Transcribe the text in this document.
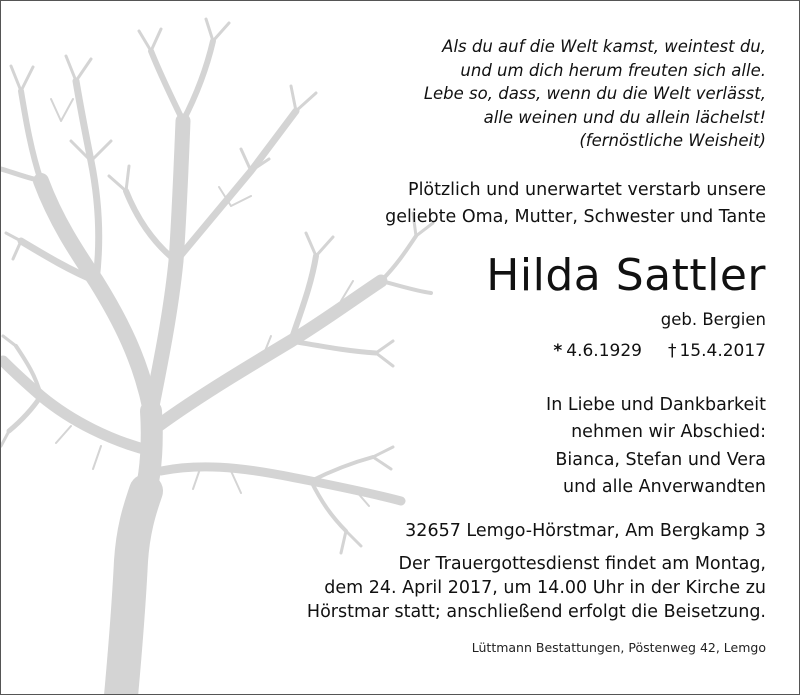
Als du auf die Welt kamst, weintest du,
und um dich herum freuten sich alle.
Lebe so, dass, wenn du die Welt verlässt,
alle weinen und du allein lächelst!
(fernöstliche Weisheit)
Plötzlich und unerwartet verstarb unsere
geliebte Oma, Mutter, Schwester und Tante
Hilda Sattler
geb. Bergien
* 4.6.1929 † 15.4.2017
In Liebe und Dankbarkeit
nehmen wir Abschied:
Bianca, Stefan und Vera
und alle Anverwandten
32657 Lemgo-Hörstmar, Am Bergkamp 3
Der Trauergottesdienst findet am Montag,
dem 24. April 2017, um 14.00 Uhr in der Kirche zu
Hörstmar statt; anschließend erfolgt die Beisetzung.
Lüttmann Bestattungen, Pöstenweg 42, Lemgo
